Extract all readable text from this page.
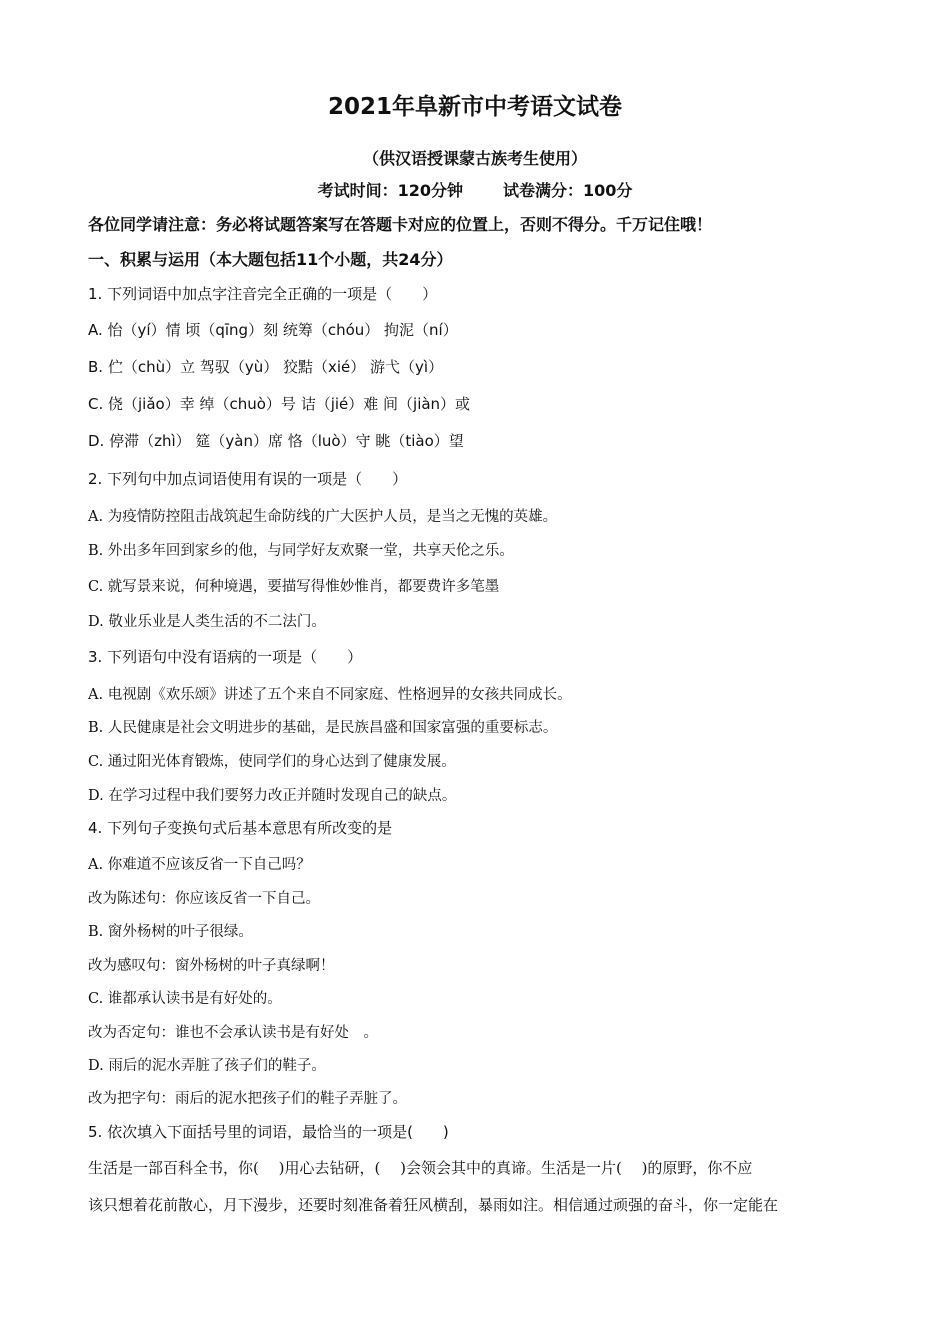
2021年阜新市中考语文试卷
（供汉语授课蒙古族考生使用）
考试时间：120分钟	试卷满分：100分
各位同学请注意：务必将试题答案写在答题卡对应的位置上，否则不得分。千万记住哦！
一、积累与运用（本大题包括11个小题，共24分）
1. 下列词语中加点字注音完全正确的一项是（　　）
A. 怡（yí）情 顷（qīng）刻 统筹（chóu） 拘泥（ní）
B. 伫（chù）立 驾驭（yù） 狡黠（xié） 游弋（yì）
C. 侥（jiǎo）幸 绰（chuò）号 诘（jié）难 间（jiàn）或
D. 停滞（zhì） 筵（yàn）席 恪（luò）守 眺（tiào）望
2. 下列句中加点词语使用有误的一项是（　　）
A. 为疫情防控阻击战筑起生命防线的广大医护人员，是当之无愧的英雄。
B. 外出多年回到家乡的他，与同学好友欢聚一堂，共享天伦之乐。
C. 就写景来说，何种境遇，要描写得惟妙惟肖，都要费许多笔墨
D. 敬业乐业是人类生活的不二法门。
3. 下列语句中没有语病的一项是（　　）
A. 电视剧《欢乐颂》讲述了五个来自不同家庭、性格迥异的女孩共同成长。
B. 人民健康是社会文明进步的基础，是民族昌盛和国家富强的重要标志。
C. 通过阳光体育锻炼，使同学们的身心达到了健康发展。
D. 在学习过程中我们要努力改正并随时发现自己的缺点。
4. 下列句子变换句式后基本意思有所改变的是
A. 你难道不应该反省一下自己吗？
改为陈述句：你应该反省一下自己。
B. 窗外杨树的叶子很绿。
改为感叹句：窗外杨树的叶子真绿啊！
C. 谁都承认读书是有好处的。
改为否定句：谁也不会承认读书是有好处　。
D. 雨后的泥水弄脏了孩子们的鞋子。
改为把字句：雨后的泥水把孩子们的鞋子弄脏了。
5. 依次填入下面括号里的词语，最恰当的一项是(　　)
生活是一部百科全书，你(　 )用心去钻研，(　 )会领会其中的真谛。生活是一片(　 )的原野，你不应
该只想着花前散心，月下漫步，还要时刻准备着狂风横刮，暴雨如注。相信通过顽强的奋斗，你一定能在
